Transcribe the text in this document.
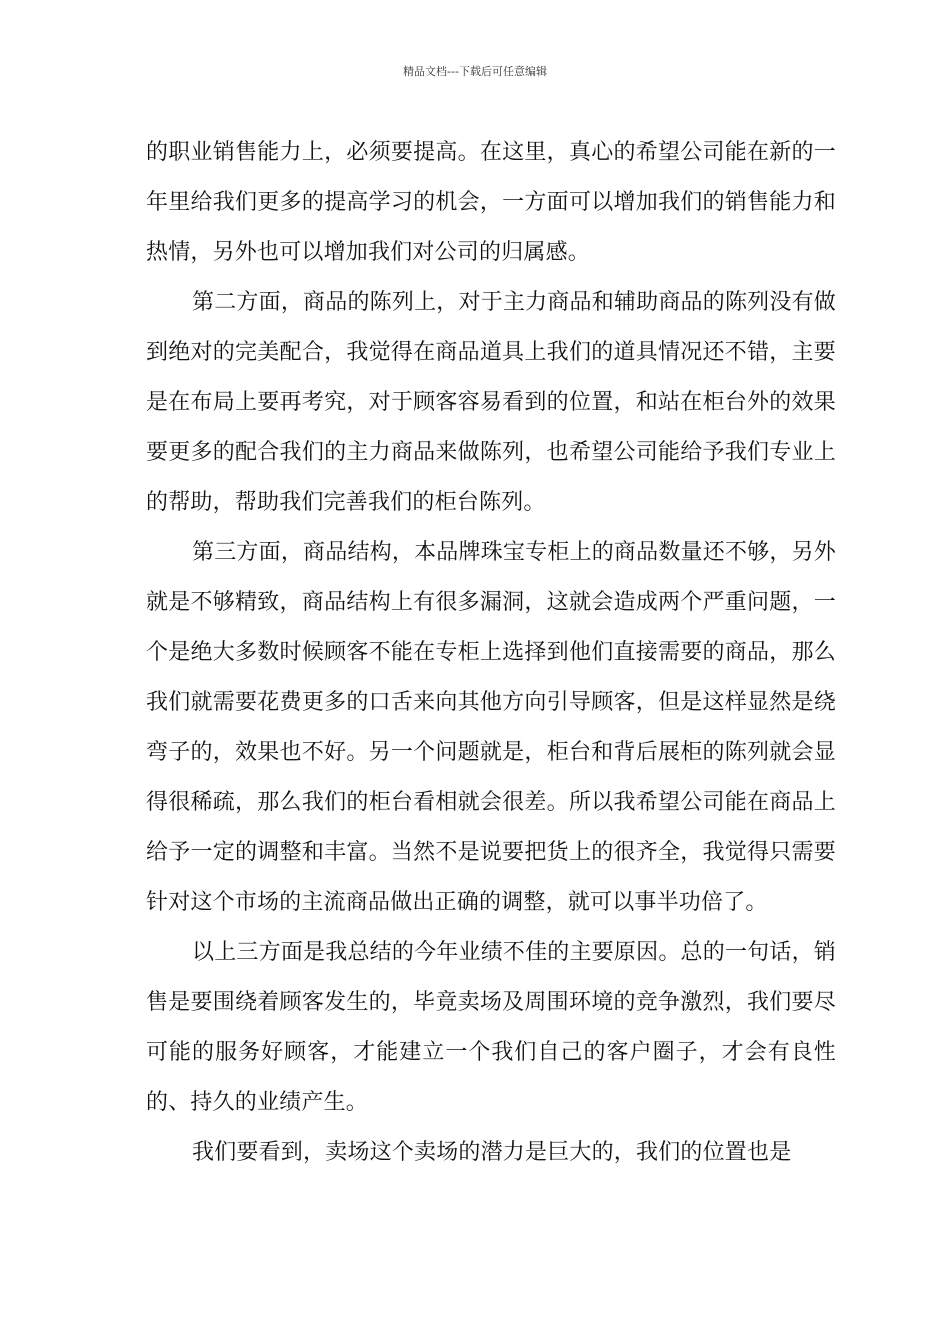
精品文档---下载后可任意编辑

的职业销售能力上，必须要提高。在这里，真心的希望公司能在新的一年里给我们更多的提高学习的机会，一方面可以增加我们的销售能力和热情，另外也可以增加我们对公司的归属感。

第二方面，商品的陈列上，对于主力商品和辅助商品的陈列没有做到绝对的完美配合，我觉得在商品道具上我们的道具情况还不错，主要是在布局上要再考究，对于顾客容易看到的位置，和站在柜台外的效果要更多的配合我们的主力商品来做陈列，也希望公司能给予我们专业上的帮助，帮助我们完善我们的柜台陈列。

第三方面，商品结构，本品牌珠宝专柜上的商品数量还不够，另外就是不够精致，商品结构上有很多漏洞，这就会造成两个严重问题，一个是绝大多数时候顾客不能在专柜上选择到他们直接需要的商品，那么我们就需要花费更多的口舌来向其他方向引导顾客，但是这样显然是绕弯子的，效果也不好。另一个问题就是，柜台和背后展柜的陈列就会显得很稀疏，那么我们的柜台看相就会很差。所以我希望公司能在商品上给予一定的调整和丰富。当然不是说要把货上的很齐全，我觉得只需要针对这个市场的主流商品做出正确的调整，就可以事半功倍了。

以上三方面是我总结的今年业绩不佳的主要原因。总的一句话，销售是要围绕着顾客发生的，毕竟卖场及周围环境的竞争激烈，我们要尽可能的服务好顾客，才能建立一个我们自己的客户圈子，才会有良性的、持久的业绩产生。

我们要看到，卖场这个卖场的潜力是巨大的，我们的位置也是
